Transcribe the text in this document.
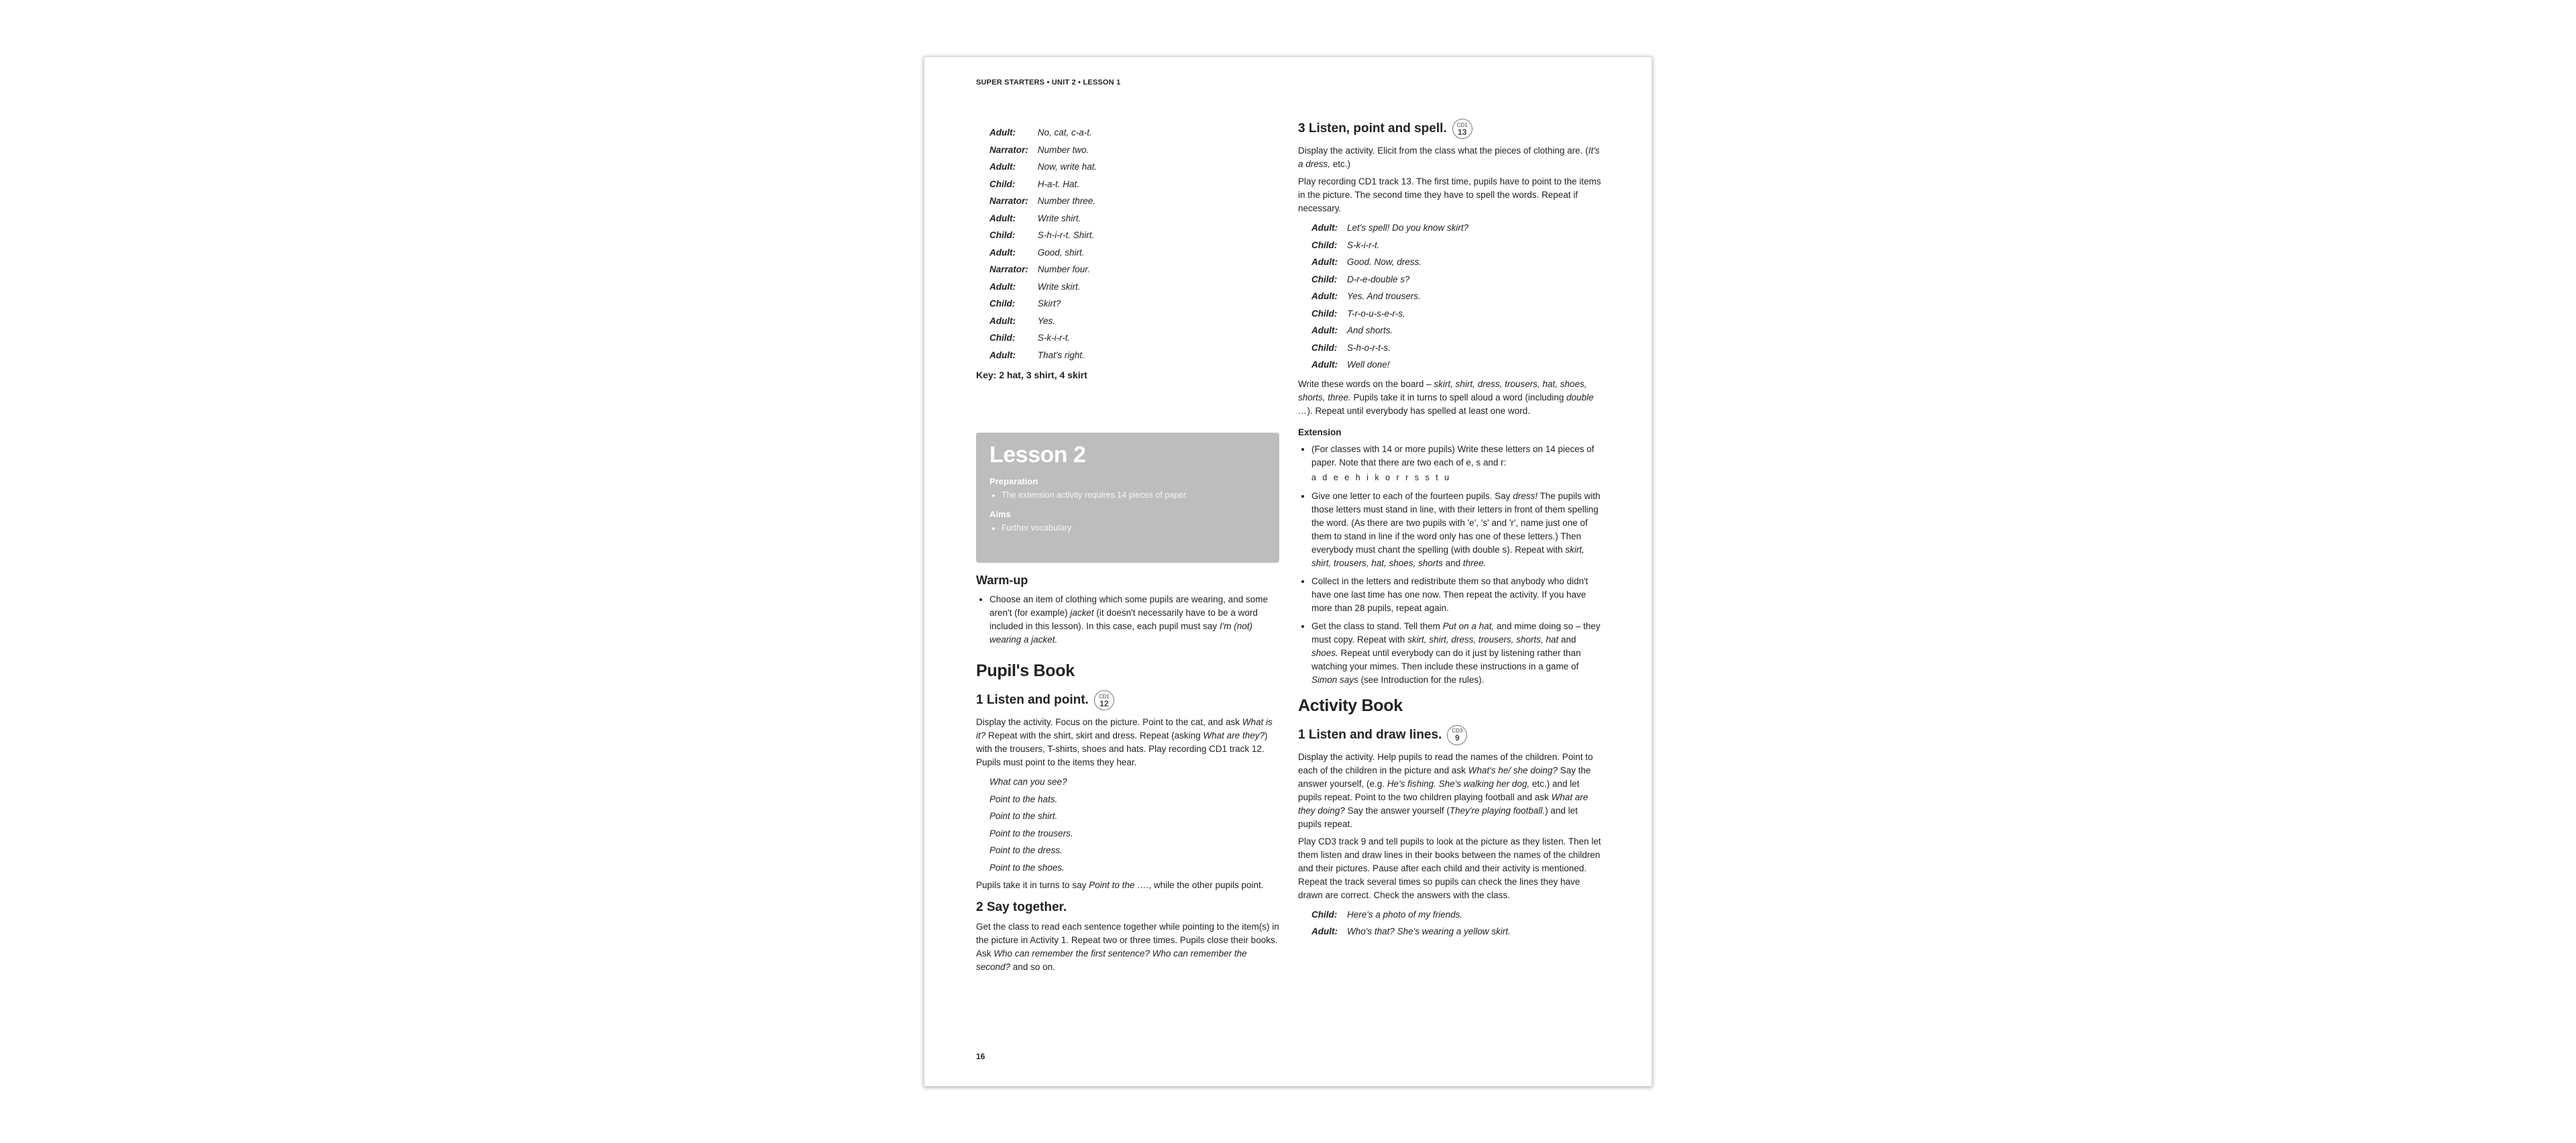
SUPER STARTERS • UNIT 2 • LESSON 1
Adult:	No, cat, c-a-t.
Narrator: Number two.
Adult:	Now, write hat.
Child:	H-a-t. Hat.
Narrator: Number three.
Adult:	Write shirt.
Child:	S-h-i-r-t. Shirt.
Adult:	Good, shirt.
Narrator: Number four.
Adult:	Write skirt.
Child:	Skirt?
Adult:	Yes.
Child:	S-k-i-r-t.
Adult:	That's right.

Key: 2 hat, 3 shirt, 4 skirt

Lesson 2
Preparation
• The extension activity requires 14 pieces of paper.
Aims
• Further vocabulary
Warm-up
• Choose an item of clothing which some pupils are wearing, and some aren't (for example) jacket (it doesn't necessarily have to be a word included in this lesson). In this case, each pupil must say I'm (not) wearing a jacket.
Pupil's Book
1 Listen and point. CD1
12

Display the activity. Focus on the picture. Point to the cat, and ask What is it? Repeat with the shirt, skirt and dress. Repeat (asking What are they?) with the trousers, T-shirts, shoes and hats. Play recording CD1 track 12. Pupils must point to the items they hear.

What can you see?
Point to the hats.
Point to the shirt.
Point to the trousers.
Point to the dress.
Point to the shoes.

Pupils take it in turns to say Point to the …., while the other pupils point.

2 Say together.

Get the class to read each sentence together while pointing to the item(s) in the picture in Activity 1. Repeat two or three times. Pupils close their books. Ask Who can remember the first sentence? Who can remember the second? and so on.

3 Listen, point and spell. CD1
13

Display the activity. Elicit from the class what the pieces of clothing are. (It's a dress, etc.)

Play recording CD1 track 13. The first time, pupils have to point to the items in the picture. The second time they have to spell the words. Repeat if necessary.

Adult: Let's spell! Do you know skirt?
Child: S-k-i-r-t.
Adult: Good. Now, dress.
Child: D-r-e-double s?
Adult: Yes. And trousers.
Child: T-r-o-u-s-e-r-s.
Adult: And shorts.
Child: S-h-o-r-t-s.
Adult: Well done!

Write these words on the board – skirt, shirt, dress, trousers, hat, shoes, shorts, three. Pupils take it in turns to spell aloud a word (including double …). Repeat until everybody has spelled at least one word.

Extension
• (For classes with 14 or more pupils) Write these letters on 14 pieces of paper. Note that there are two each of e, s and r:
a d e e h i k o r r s s t u
• Give one letter to each of the fourteen pupils. Say dress! The pupils with those letters must stand in line, with their letters in front of them spelling the word. (As there are two pupils with 'e', 's' and 'r', name just one of them to stand in line if the word only has one of these letters.) Then everybody must chant the spelling (with double s). Repeat with skirt, shirt, trousers, hat, shoes, shorts and three.
• Collect in the letters and redistribute them so that anybody who didn't have one last time has one now. Then repeat the activity. If you have more than 28 pupils, repeat again.
• Get the class to stand. Tell them Put on a hat, and mime doing so – they must copy. Repeat with skirt, shirt, dress, trousers, shorts, hat and shoes. Repeat until everybody can do it just by listening rather than watching your mimes. Then include these instructions in a game of Simon says (see Introduction for the rules).
Activity Book
1 Listen and draw lines. CD3
9

Display the activity. Help pupils to read the names of the children. Point to each of the children in the picture and ask What's he/ she doing? Say the answer yourself, (e.g. He's fishing. She's walking her dog, etc.) and let pupils repeat. Point to the two children playing football and ask What are they doing? Say the answer yourself (They're playing football.) and let pupils repeat.

Play CD3 track 9 and tell pupils to look at the picture as they listen. Then let them listen and draw lines in their books between the names of the children and their pictures. Pause after each child and their activity is mentioned. Repeat the track several times so pupils can check the lines they have drawn are correct. Check the answers with the class.

Child: Here's a photo of my friends.
Adult: Who's that? She's wearing a yellow skirt.
16
